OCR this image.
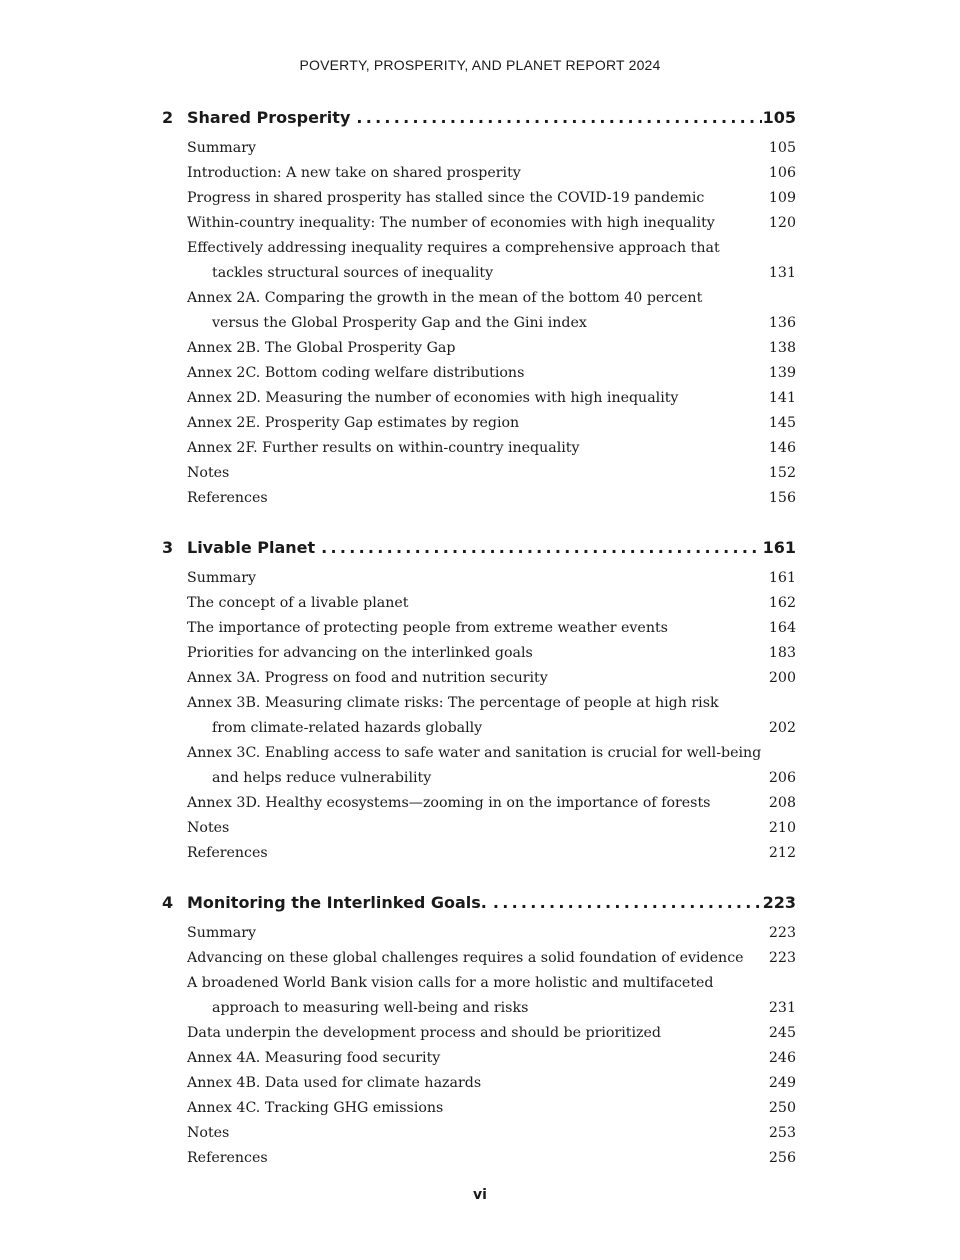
POVERTY, PROSPERITY, AND PLANET REPORT 2024
2 Shared Prosperity . . .	105
Summary	105
Introduction: A new take on shared prosperity	106
Progress in shared prosperity has stalled since the COVID-19 pandemic	109
Within-country inequality: The number of economies with high inequality	120
Effectively addressing inequality requires a comprehensive approach that
tackles structural sources of inequality	131
Annex 2A. Comparing the growth in the mean of the bottom 40 percent
versus the Global Prosperity Gap and the Gini index	136
Annex 2B. The Global Prosperity Gap	138
Annex 2C. Bottom coding welfare distributions	139
Annex 2D. Measuring the number of economies with high inequality	141
Annex 2E. Prosperity Gap estimates by region	145
Annex 2F. Further results on within-country inequality	146
Notes	152
References	156
3 Livable Planet . . .	161
Summary	161
The concept of a livable planet	162
The importance of protecting people from extreme weather events	164
Priorities for advancing on the interlinked goals	183
Annex 3A. Progress on food and nutrition security	200
Annex 3B. Measuring climate risks: The percentage of people at high risk
from climate-related hazards globally	202
Annex 3C. Enabling access to safe water and sanitation is crucial for well-being
and helps reduce vulnerability	206
Annex 3D. Healthy ecosystems—zooming in on the importance of forests	208
Notes	210
References	212
4 Monitoring the Interlinked Goals. . . .	223
Summary	223
Advancing on these global challenges requires a solid foundation of evidence 223
A broadened World Bank vision calls for a more holistic and multifaceted
approach to measuring well-being and risks	231
Data underpin the development process and should be prioritized	245
Annex 4A. Measuring food security	246
Annex 4B. Data used for climate hazards	249
Annex 4C. Tracking GHG emissions	250
Notes	253
References	256
vi
